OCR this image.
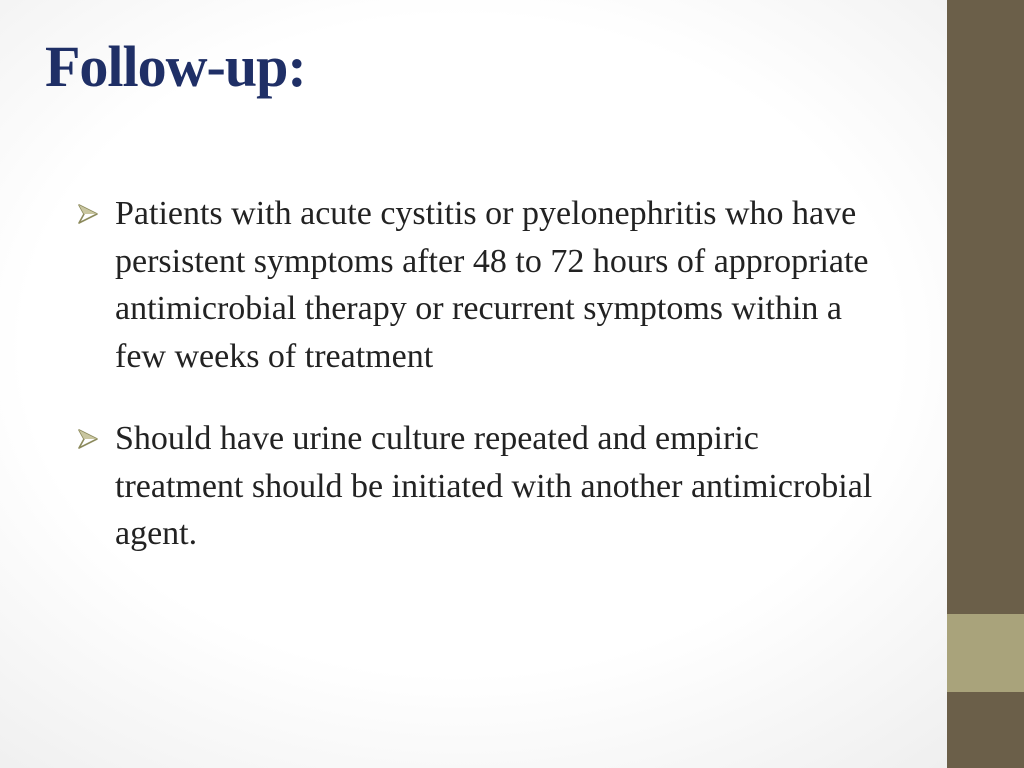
Follow-up:
Patients with acute cystitis or pyelonephritis who have persistent symptoms after 48 to 72 hours of appropriate antimicrobial therapy or recurrent symptoms within a few weeks of treatment
Should have urine culture repeated and empiric treatment should be initiated with another antimicrobial agent.
